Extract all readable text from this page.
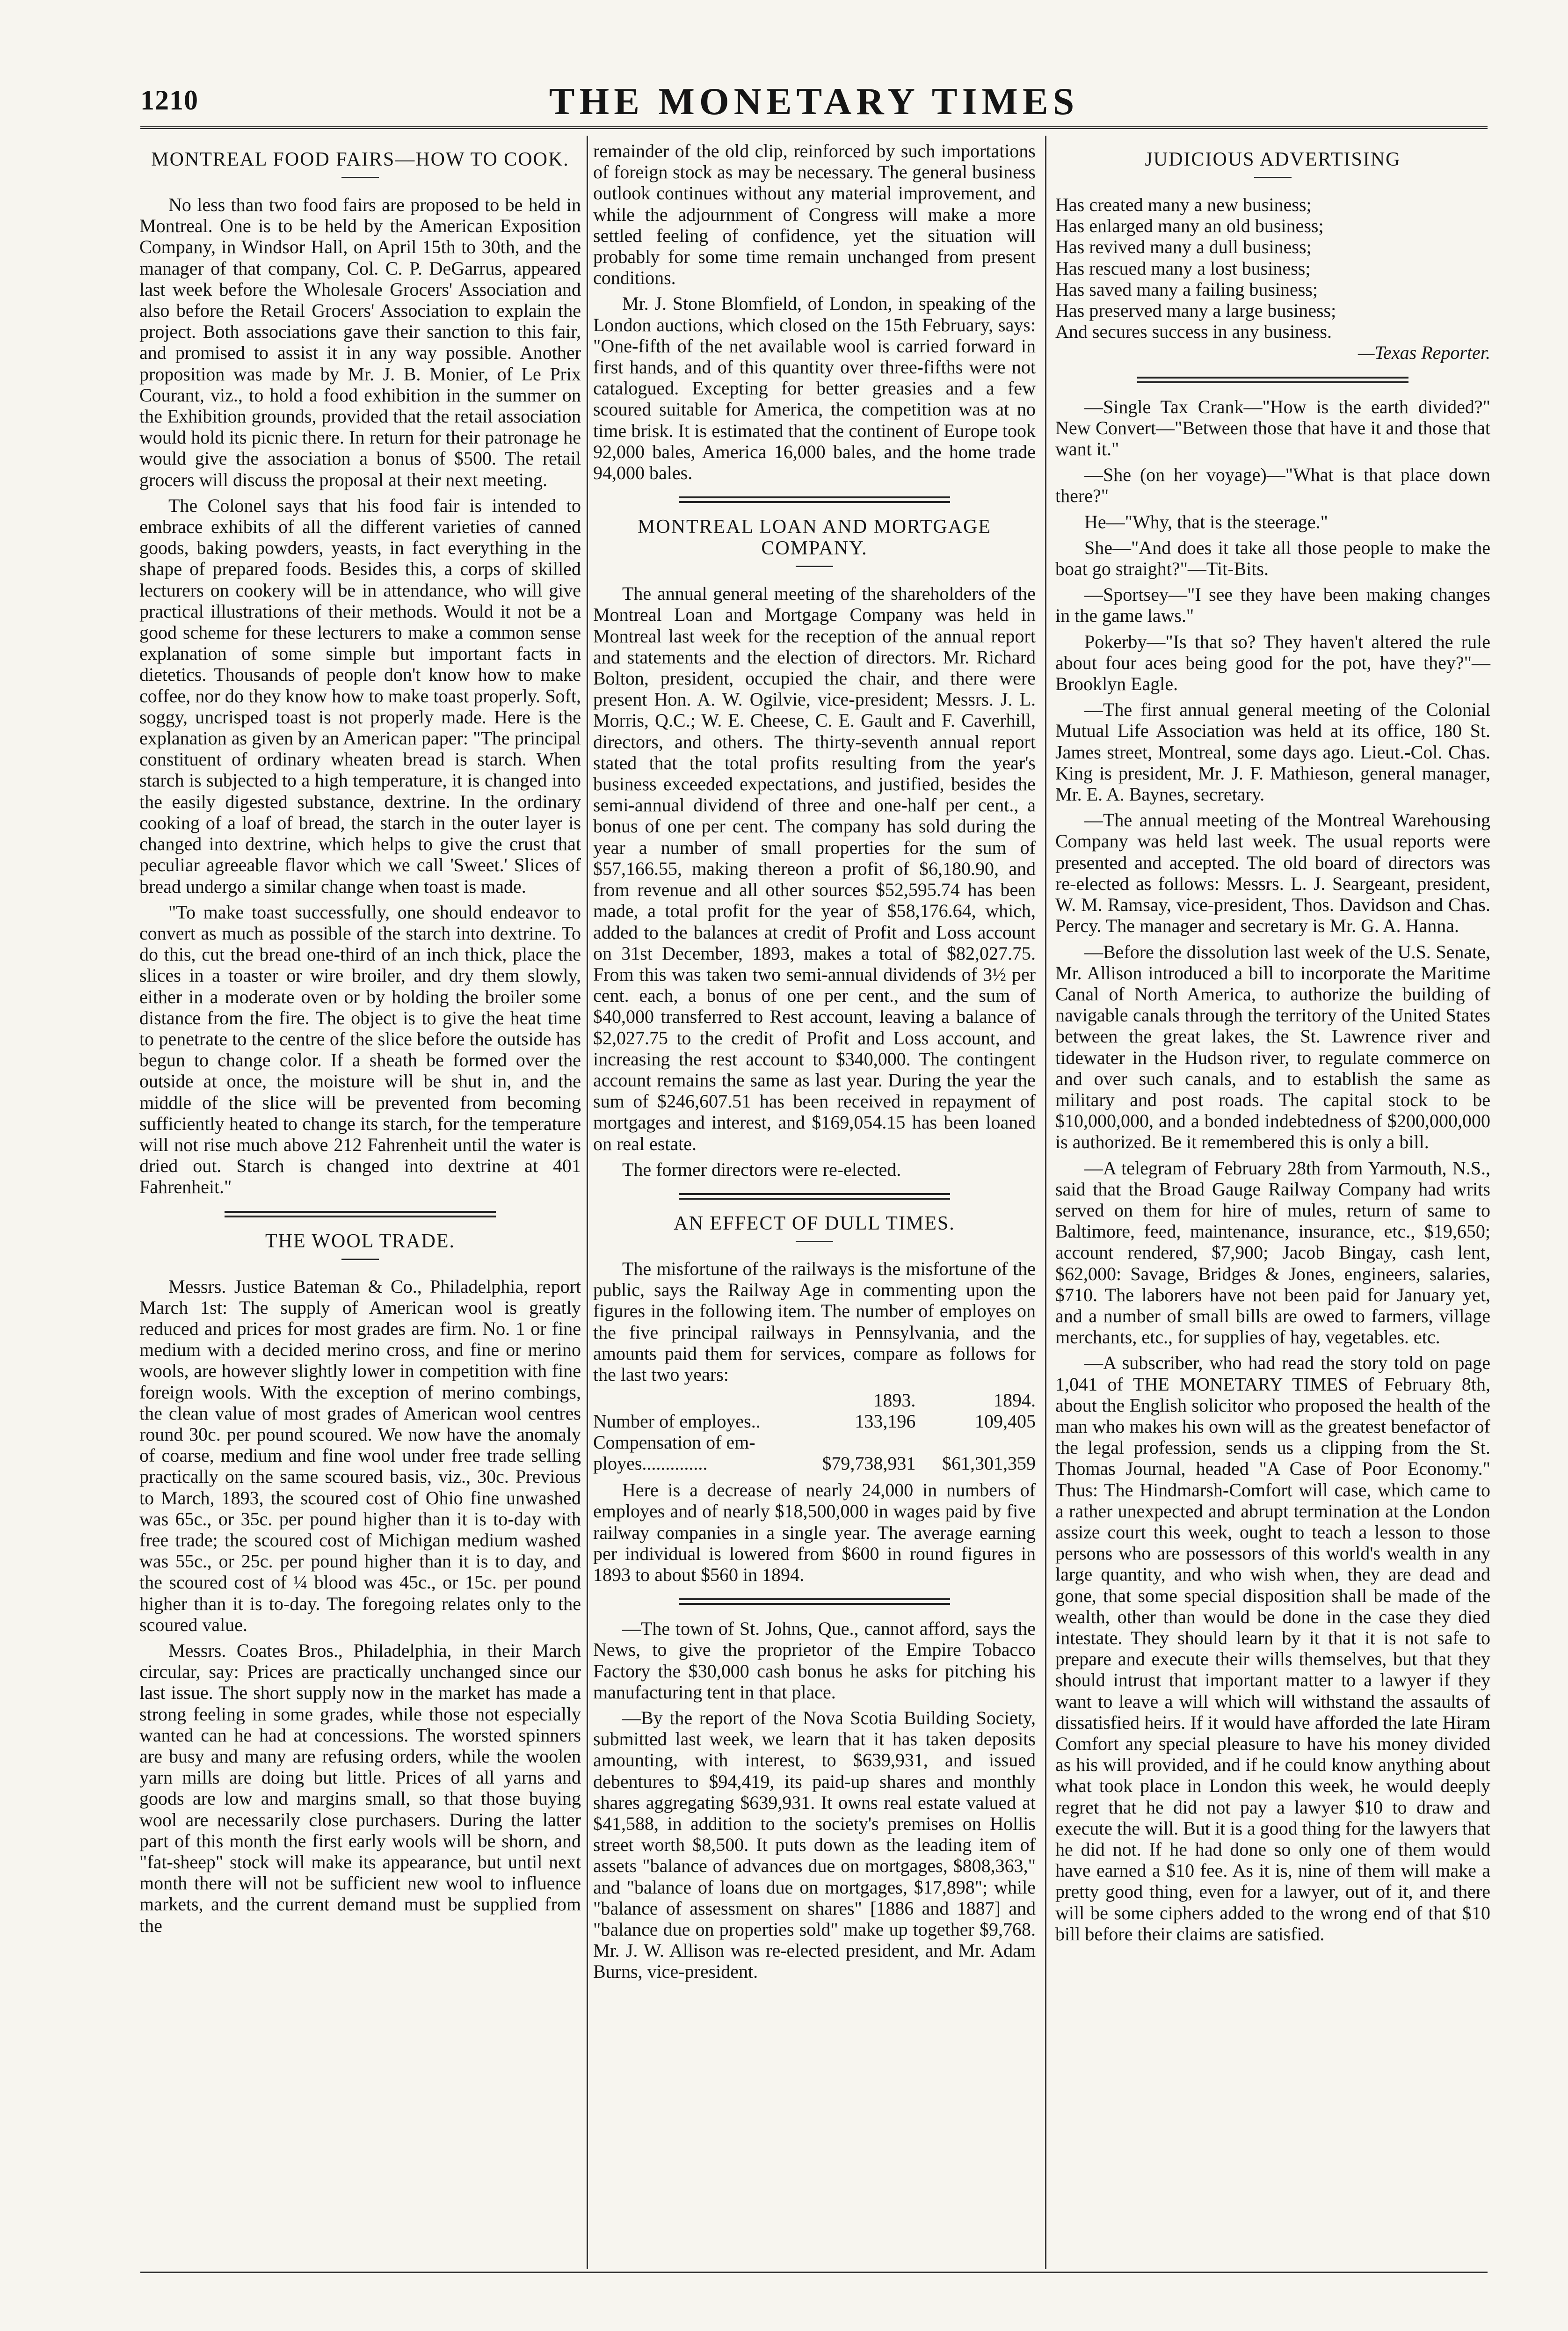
THE MONETARY TIMES
1210
MONTREAL FOOD FAIRS—HOW TO COOK.

No less than two food fairs are proposed to be held in Montreal. One is to be held by the American Exposition Company, in Windsor Hall, on April 15th to 30th, and the manager of that company, Col. C. P. DeGarrus, appeared last week before the Wholesale Grocers' Association and also before the Retail Grocers' Association to explain the project. Both associations gave their sanction to this fair, and promised to assist it in any way possible. Another proposition was made by Mr. J. B. Monier, of Le Prix Courant, viz., to hold a food exhibition in the summer on the Exhibition grounds, provided that the retail association would hold its picnic there. In return for their patronage he would give the association a bonus of $500. The retail grocers will discuss the proposal at their next meeting.

The Colonel says that his food fair is intended to embrace exhibits of all the different varieties of canned goods, baking powders, yeasts, in fact everything in the shape of prepared foods. Besides this, a corps of skilled lecturers on cookery will be in attendance, who will give practical illustrations of their methods. Would it not be a good scheme for these lecturers to make a common sense explanation of some simple but important facts in dietetics. Thousands of people don't know how to make coffee, nor do they know how to make toast properly. Soft, soggy, uncrisped toast is not properly made. Here is the explanation as given by an American paper: "The principal constituent of ordinary wheaten bread is starch. When starch is subjected to a high temperature, it is changed into the easily digested substance, dextrine. In the ordinary cooking of a loaf of bread, the starch in the outer layer is changed into dextrine, which helps to give the crust that peculiar agreeable flavor which we call 'Sweet.' Slices of bread undergo a similar change when toast is made.

"To make toast successfully, one should endeavor to convert as much as possible of the starch into dextrine. To do this, cut the bread one-third of an inch thick, place the slices in a toaster or wire broiler, and dry them slowly, either in a moderate oven or by holding the broiler some distance from the fire. The object is to give the heat time to penetrate to the centre of the slice before the outside has begun to change color. If a sheath be formed over the outside at once, the moisture will be shut in, and the middle of the slice will be prevented from becoming sufficiently heated to change its starch, for the temperature will not rise much above 212 Fahrenheit until the water is dried out. Starch is changed into dextrine at 401 Fahrenheit."

THE WOOL TRADE.

Messrs. Justice Bateman & Co., Philadelphia, report March 1st: The supply of American wool is greatly reduced and prices for most grades are firm. No. 1 or fine medium with a decided merino cross, and fine or merino wools, are however slightly lower in competition with fine foreign wools. With the exception of merino combings, the clean value of most grades of American wool centres round 30c. per pound scoured. We now have the anomaly of coarse, medium and fine wool under free trade selling practically on the same scoured basis, viz., 30c. Previous to March, 1893, the scoured cost of Ohio fine unwashed was 65c., or 35c. per pound higher than it is to-day with free trade; the scoured cost of Michigan medium washed was 55c., or 25c. per pound higher than it is to day, and the scoured cost of ¼ blood was 45c., or 15c. per pound higher than it is to-day. The foregoing relates only to the scoured value.

Messrs. Coates Bros., Philadelphia, in their March circular, say: Prices are practically unchanged since our last issue. The short supply now in the market has made a strong feeling in some grades, while those not especially wanted can he had at concessions. The worsted spinners are busy and many are refusing orders, while the woolen yarn mills are doing but little. Prices of all yarns and goods are low and margins small, so that those buying wool are necessarily close purchasers. During the latter part of this month the first early wools will be shorn, and "fat-sheep" stock will make its appearance, but until next month there will not be sufficient new wool to influence markets, and the current demand must be supplied from the

remainder of the old clip, reinforced by such importations of foreign stock as may be necessary. The general business outlook continues without any material improvement, and while the adjournment of Congress will make a more settled feeling of confidence, yet the situation will probably for some time remain unchanged from present conditions.

Mr. J. Stone Blomfield, of London, in speaking of the London auctions, which closed on the 15th February, says: "One-fifth of the net available wool is carried forward in first hands, and of this quantity over three-fifths were not catalogued. Excepting for better greasies and a few scoured suitable for America, the competition was at no time brisk. It is estimated that the continent of Europe took 92,000 bales, America 16,000 bales, and the home trade 94,000 bales.

MONTREAL LOAN AND MORTGAGE COMPANY.

The annual general meeting of the shareholders of the Montreal Loan and Mortgage Company was held in Montreal last week for the reception of the annual report and statements and the election of directors. Mr. Richard Bolton, president, occupied the chair, and there were present Hon. A. W. Ogilvie, vice-president; Messrs. J. L. Morris, Q.C.; W. E. Cheese, C. E. Gault and F. Caverhill, directors, and others. The thirty-seventh annual report stated that the total profits resulting from the year's business exceeded expectations, and justified, besides the semi-annual dividend of three and one-half per cent., a bonus of one per cent. The company has sold during the year a number of small properties for the sum of $57,166.55, making thereon a profit of $6,180.90, and from revenue and all other sources $52,595.74 has been made, a total profit for the year of $58,176.64, which, added to the balances at credit of Profit and Loss account on 31st December, 1893, makes a total of $82,027.75. From this was taken two semi-annual dividends of 3½ per cent. each, a bonus of one per cent., and the sum of $40,000 transferred to Rest account, leaving a balance of $2,027.75 to the credit of Profit and Loss account, and increasing the rest account to $340,000. The contingent account remains the same as last year. During the year the sum of $246,607.51 has been received in repayment of mortgages and interest, and $169,054.15 has been loaned on real estate.

The former directors were re-elected.

AN EFFECT OF DULL TIMES.

The misfortune of the railways is the misfortune of the public, says the Railway Age in commenting upon the figures in the following item. The number of employes on the five principal railways in Pennsylvania, and the amounts paid them for services, compare as follows for the last two years:

	1893.	1894.
Number of employes..	133,196	109,405
Compensation of em-		
ployes..............	$79,738,931	$61,301,359

Here is a decrease of nearly 24,000 in numbers of employes and of nearly $18,500,000 in wages paid by five railway companies in a single year. The average earning per individual is lowered from $600 in round figures in 1893 to about $560 in 1894.

—The town of St. Johns, Que., cannot afford, says the News, to give the proprietor of the Empire Tobacco Factory the $30,000 cash bonus he asks for pitching his manufacturing tent in that place.

—By the report of the Nova Scotia Building Society, submitted last week, we learn that it has taken deposits amounting, with interest, to $639,931, and issued debentures to $94,419, its paid-up shares and monthly shares aggregating $639,931. It owns real estate valued at $41,588, in addition to the society's premises on Hollis street worth $8,500. It puts down as the leading item of assets "balance of advances due on mortgages, $808,363," and "balance of loans due on mortgages, $17,898"; while "balance of assessment on shares" [1886 and 1887] and "balance due on properties sold" make up together $9,768. Mr. J. W. Allison was re-elected president, and Mr. Adam Burns, vice-president.

JUDICIOUS ADVERTISING
Has created many a new business;
Has enlarged many an old business;
Has revived many a dull business;
Has rescued many a lost business;
Has saved many a failing business;
Has preserved many a large business;
And secures success in any business.
—Texas Reporter.

—Single Tax Crank—"How is the earth divided?" New Convert—"Between those that have it and those that want it."

—She (on her voyage)—"What is that place down there?"

He—"Why, that is the steerage."

She—"And does it take all those people to make the boat go straight?"—Tit-Bits.

—Sportsey—"I see they have been making changes in the game laws."

Pokerby—"Is that so? They haven't altered the rule about four aces being good for the pot, have they?"—Brooklyn Eagle.

—The first annual general meeting of the Colonial Mutual Life Association was held at its office, 180 St. James street, Montreal, some days ago. Lieut.-Col. Chas. King is president, Mr. J. F. Mathieson, general manager, Mr. E. A. Baynes, secretary.

—The annual meeting of the Montreal Warehousing Company was held last week. The usual reports were presented and accepted. The old board of directors was re-elected as follows: Messrs. L. J. Seargeant, president, W. M. Ramsay, vice-president, Thos. Davidson and Chas. Percy. The manager and secretary is Mr. G. A. Hanna.

—Before the dissolution last week of the U.S. Senate, Mr. Allison introduced a bill to incorporate the Maritime Canal of North America, to authorize the building of navigable canals through the territory of the United States between the great lakes, the St. Lawrence river and tidewater in the Hudson river, to regulate commerce on and over such canals, and to establish the same as military and post roads. The capital stock to be $10,000,000, and a bonded indebtedness of $200,000,000 is authorized. Be it remembered this is only a bill.

—A telegram of February 28th from Yarmouth, N.S., said that the Broad Gauge Railway Company had writs served on them for hire of mules, return of same to Baltimore, feed, maintenance, insurance, etc., $19,650; account rendered, $7,900; Jacob Bingay, cash lent, $62,000: Savage, Bridges & Jones, engineers, salaries, $710. The laborers have not been paid for January yet, and a number of small bills are owed to farmers, village merchants, etc., for supplies of hay, vegetables. etc.

—A subscriber, who had read the story told on page 1,041 of THE MONETARY TIMES of February 8th, about the English solicitor who proposed the health of the man who makes his own will as the greatest benefactor of the legal profession, sends us a clipping from the St. Thomas Journal, headed "A Case of Poor Economy." Thus: The Hindmarsh-Comfort will case, which came to a rather unexpected and abrupt termination at the London assize court this week, ought to teach a lesson to those persons who are possessors of this world's wealth in any large quantity, and who wish when, they are dead and gone, that some special disposition shall be made of the wealth, other than would be done in the case they died intestate. They should learn by it that it is not safe to prepare and execute their wills themselves, but that they should intrust that important matter to a lawyer if they want to leave a will which will withstand the assaults of dissatisfied heirs. If it would have afforded the late Hiram Comfort any special pleasure to have his money divided as his will provided, and if he could know anything about what took place in London this week, he would deeply regret that he did not pay a lawyer $10 to draw and execute the will. But it is a good thing for the lawyers that he did not. If he had done so only one of them would have earned a $10 fee. As it is, nine of them will make a pretty good thing, even for a lawyer, out of it, and there will be some ciphers added to the wrong end of that $10 bill before their claims are satisfied.
